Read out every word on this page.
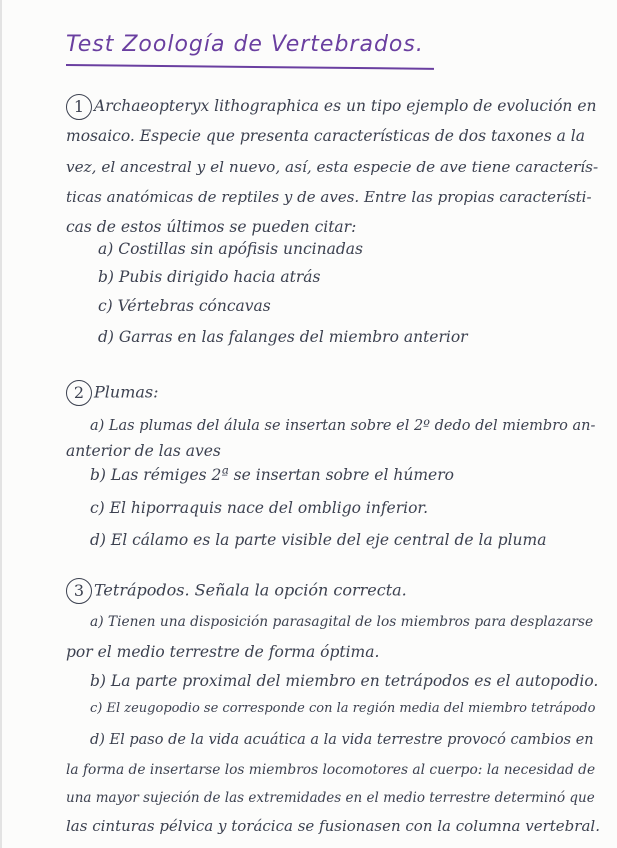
Test Zoología de Vertebrados.
1 Archaeopteryx lithographica es un tipo ejemplo de evolución en
mosaico. Especie que presenta características de dos taxones a la
vez, el ancestral y el nuevo, así, esta especie de ave tiene caracterís-
ticas anatómicas de reptiles y de aves. Entre las propias característi-
cas de estos últimos se pueden citar:
a) Costillas sin apófisis uncinadas
b) Pubis dirigido hacia atrás
c) Vértebras cóncavas
d) Garras en las falanges del miembro anterior
2 Plumas:
a) Las plumas del álula se insertan sobre el 2º dedo del miembro an-
anterior de las aves
b) Las rémiges 2ª se insertan sobre el húmero
c) El hiporraquis nace del ombligo inferior.
d) El cálamo es la parte visible del eje central de la pluma
3 Tetrápodos. Señala la opción correcta.
a) Tienen una disposición parasagital de los miembros para desplazarse
por el medio terrestre de forma óptima.
b) La parte proximal del miembro en tetrápodos es el autopodio.
c) El zeugopodio se corresponde con la región media del miembro tetrápodo
d) El paso de la vida acuática a la vida terrestre provocó cambios en
la forma de insertarse los miembros locomotores al cuerpo: la necesidad de
una mayor sujeción de las extremidades en el medio terrestre determinó que
las cinturas pélvica y torácica se fusionasen con la columna vertebral.
